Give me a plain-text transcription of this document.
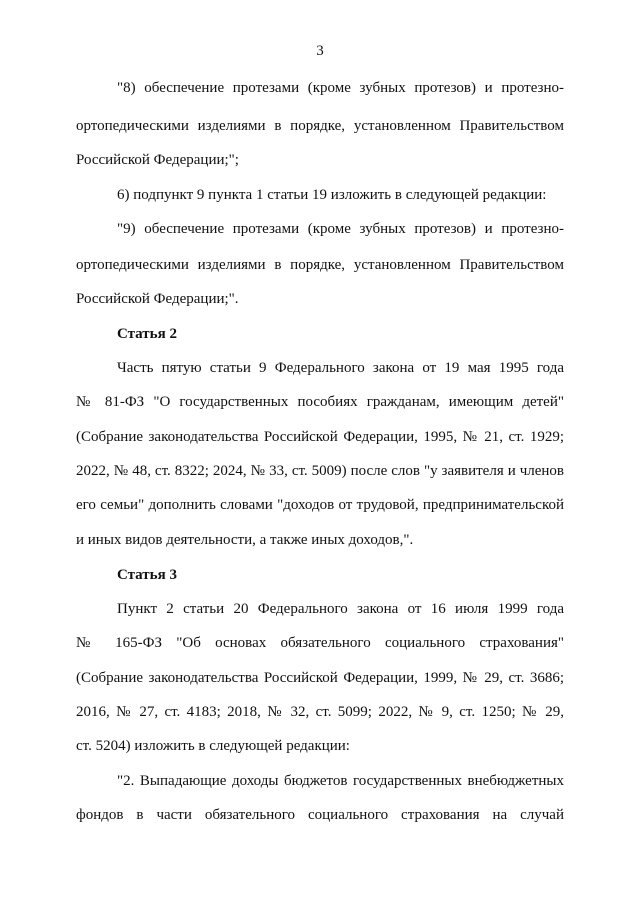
3
"8) обеспечение протезами (кроме зубных протезов) и протезно-
ортопедическими изделиями в порядке, установленном Правительством
Российской Федерации;";
6) подпункт 9 пункта 1 статьи 19 изложить в следующей редакции:
"9) обеспечение протезами (кроме зубных протезов) и протезно-
ортопедическими изделиями в порядке, установленном Правительством
Российской Федерации;".
Статья 2
Часть пятую статьи 9 Федерального закона от 19 мая 1995 года
№ 81-ФЗ "О государственных пособиях гражданам, имеющим детей"
(Собрание законодательства Российской Федерации, 1995, № 21, ст. 1929;
2022, № 48, ст. 8322; 2024, № 33, ст. 5009) после слов "у заявителя и членов
его семьи" дополнить словами "доходов от трудовой, предпринимательской
и иных видов деятельности, а также иных доходов,".
Статья 3
Пункт 2 статьи 20 Федерального закона от 16 июля 1999 года
№ 165-ФЗ "Об основах обязательного социального страхования"
(Собрание законодательства Российской Федерации, 1999, № 29, ст. 3686;
2016, № 27, ст. 4183; 2018, № 32, ст. 5099; 2022, № 9, ст. 1250; № 29,
ст. 5204) изложить в следующей редакции:
"2. Выпадающие доходы бюджетов государственных внебюджетных
фондов в части обязательного социального страхования на случай
